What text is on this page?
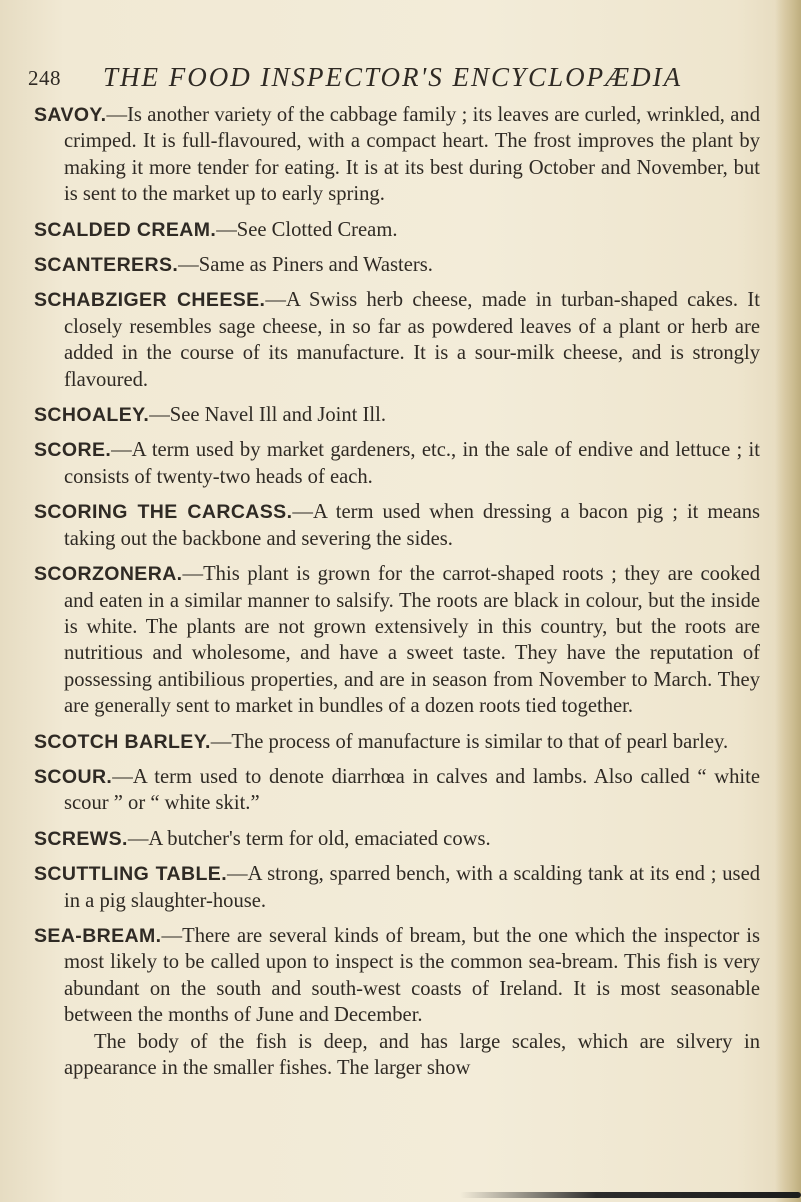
248 THE FOOD INSPECTOR'S ENCYCLOPÆDIA

SAVOY.—Is another variety of the cabbage family ; its leaves are curled, wrinkled, and crimped. It is full-flavoured, with a compact heart. The frost improves the plant by making it more tender for eating. It is at its best during October and November, but is sent to the market up to early spring.

SCALDED CREAM.—See Clotted Cream.

SCANTERERS.—Same as Piners and Wasters.

SCHABZIGER CHEESE.—A Swiss herb cheese, made in turban-shaped cakes. It closely resembles sage cheese, in so far as powdered leaves of a plant or herb are added in the course of its manufacture. It is a sour-milk cheese, and is strongly flavoured.

SCHOALEY.—See Navel Ill and Joint Ill.

SCORE.—A term used by market gardeners, etc., in the sale of endive and lettuce ; it consists of twenty-two heads of each.

SCORING THE CARCASS.—A term used when dressing a bacon pig ; it means taking out the backbone and severing the sides.

SCORZONERA.—This plant is grown for the carrot-shaped roots ; they are cooked and eaten in a similar manner to salsify. The roots are black in colour, but the inside is white. The plants are not grown extensively in this country, but the roots are nutritious and wholesome, and have a sweet taste. They have the reputation of possessing antibilious properties, and are in season from November to March. They are generally sent to market in bundles of a dozen roots tied together.

SCOTCH BARLEY.—The process of manufacture is similar to that of pearl barley.

SCOUR.—A term used to denote diarrhœa in calves and lambs. Also called “ white scour ” or “ white skit.”

SCREWS.—A butcher's term for old, emaciated cows.

SCUTTLING TABLE.—A strong, sparred bench, with a scalding tank at its end ; used in a pig slaughter-house.

SEA-BREAM.—There are several kinds of bream, but the one which the inspector is most likely to be called upon to inspect is the common sea-bream. This fish is very abundant on the south and south-west coasts of Ireland. It is most seasonable between the months of June and December.

The body of the fish is deep, and has large scales, which are silvery in appearance in the smaller fishes. The larger show
